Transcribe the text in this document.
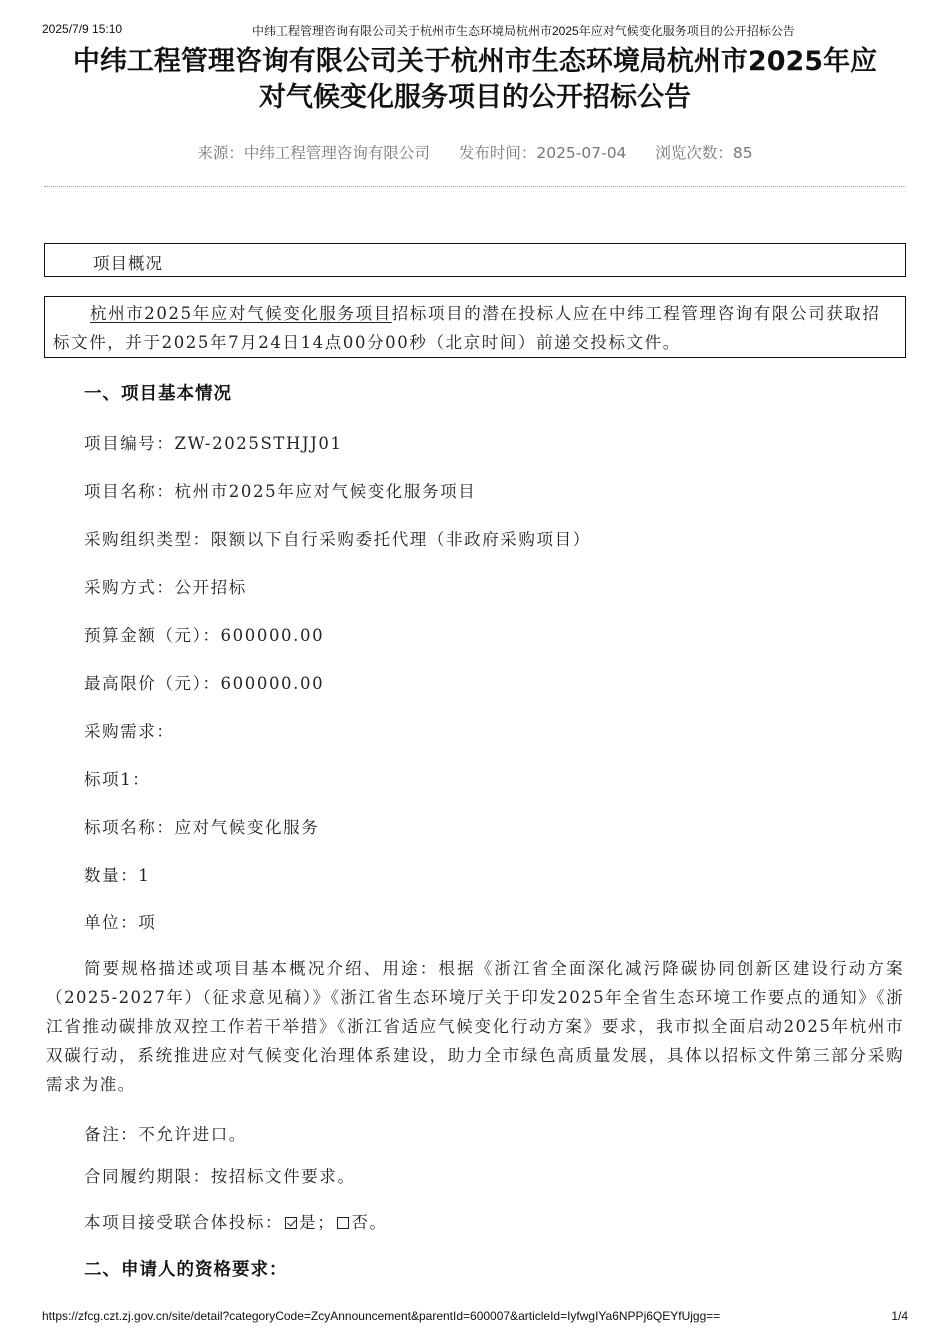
2025/7/9 15:10	中纬工程管理咨询有限公司关于杭州市生态环境局杭州市2025年应对气候变化服务项目的公开招标公告
中纬工程管理咨询有限公司关于杭州市生态环境局杭州市2025年应
对气候变化服务项目的公开招标公告
来源：中纬工程管理咨询有限公司 发布时间：2025-07-04 浏览次数：85
项目概况
杭州市2025年应对气候变化服务项目招标项目的潜在投标人应在中纬工程管理咨询有限公司获取招标文件，并于2025年7月24日14点00分00秒（北京时间）前递交投标文件。
一、项目基本情况
项目编号：ZW-2025STHJJ01
项目名称：杭州市2025年应对气候变化服务项目
采购组织类型：限额以下自行采购委托代理（非政府采购项目）
采购方式：公开招标
预算金额（元）：600000.00
最高限价（元）：600000.00
采购需求：
标项1：
标项名称：应对气候变化服务
数量：1
单位：项
简要规格描述或项目基本概况介绍、用途：根据《浙江省全面深化减污降碳协同创新区建设行动方案（2025-2027年）（征求意见稿）》《浙江省生态环境厅关于印发2025年全省生态环境工作要点的通知》《浙江省推动碳排放双控工作若干举措》《浙江省适应气候变化行动方案》要求，我市拟全面启动2025年杭州市双碳行动，系统推进应对气候变化治理体系建设，助力全市绿色高质量发展，具体以招标文件第三部分采购需求为准。
备注：不允许进口。
合同履约期限：按招标文件要求。
本项目接受联合体投标： 是； 否。
二、申请人的资格要求：
https://zfcg.czt.zj.gov.cn/site/detail?categoryCode=ZcyAnnouncement&parentId=600007&articleId=IyfwgIYa6NPPj6QEYfUjgg==	1/4
